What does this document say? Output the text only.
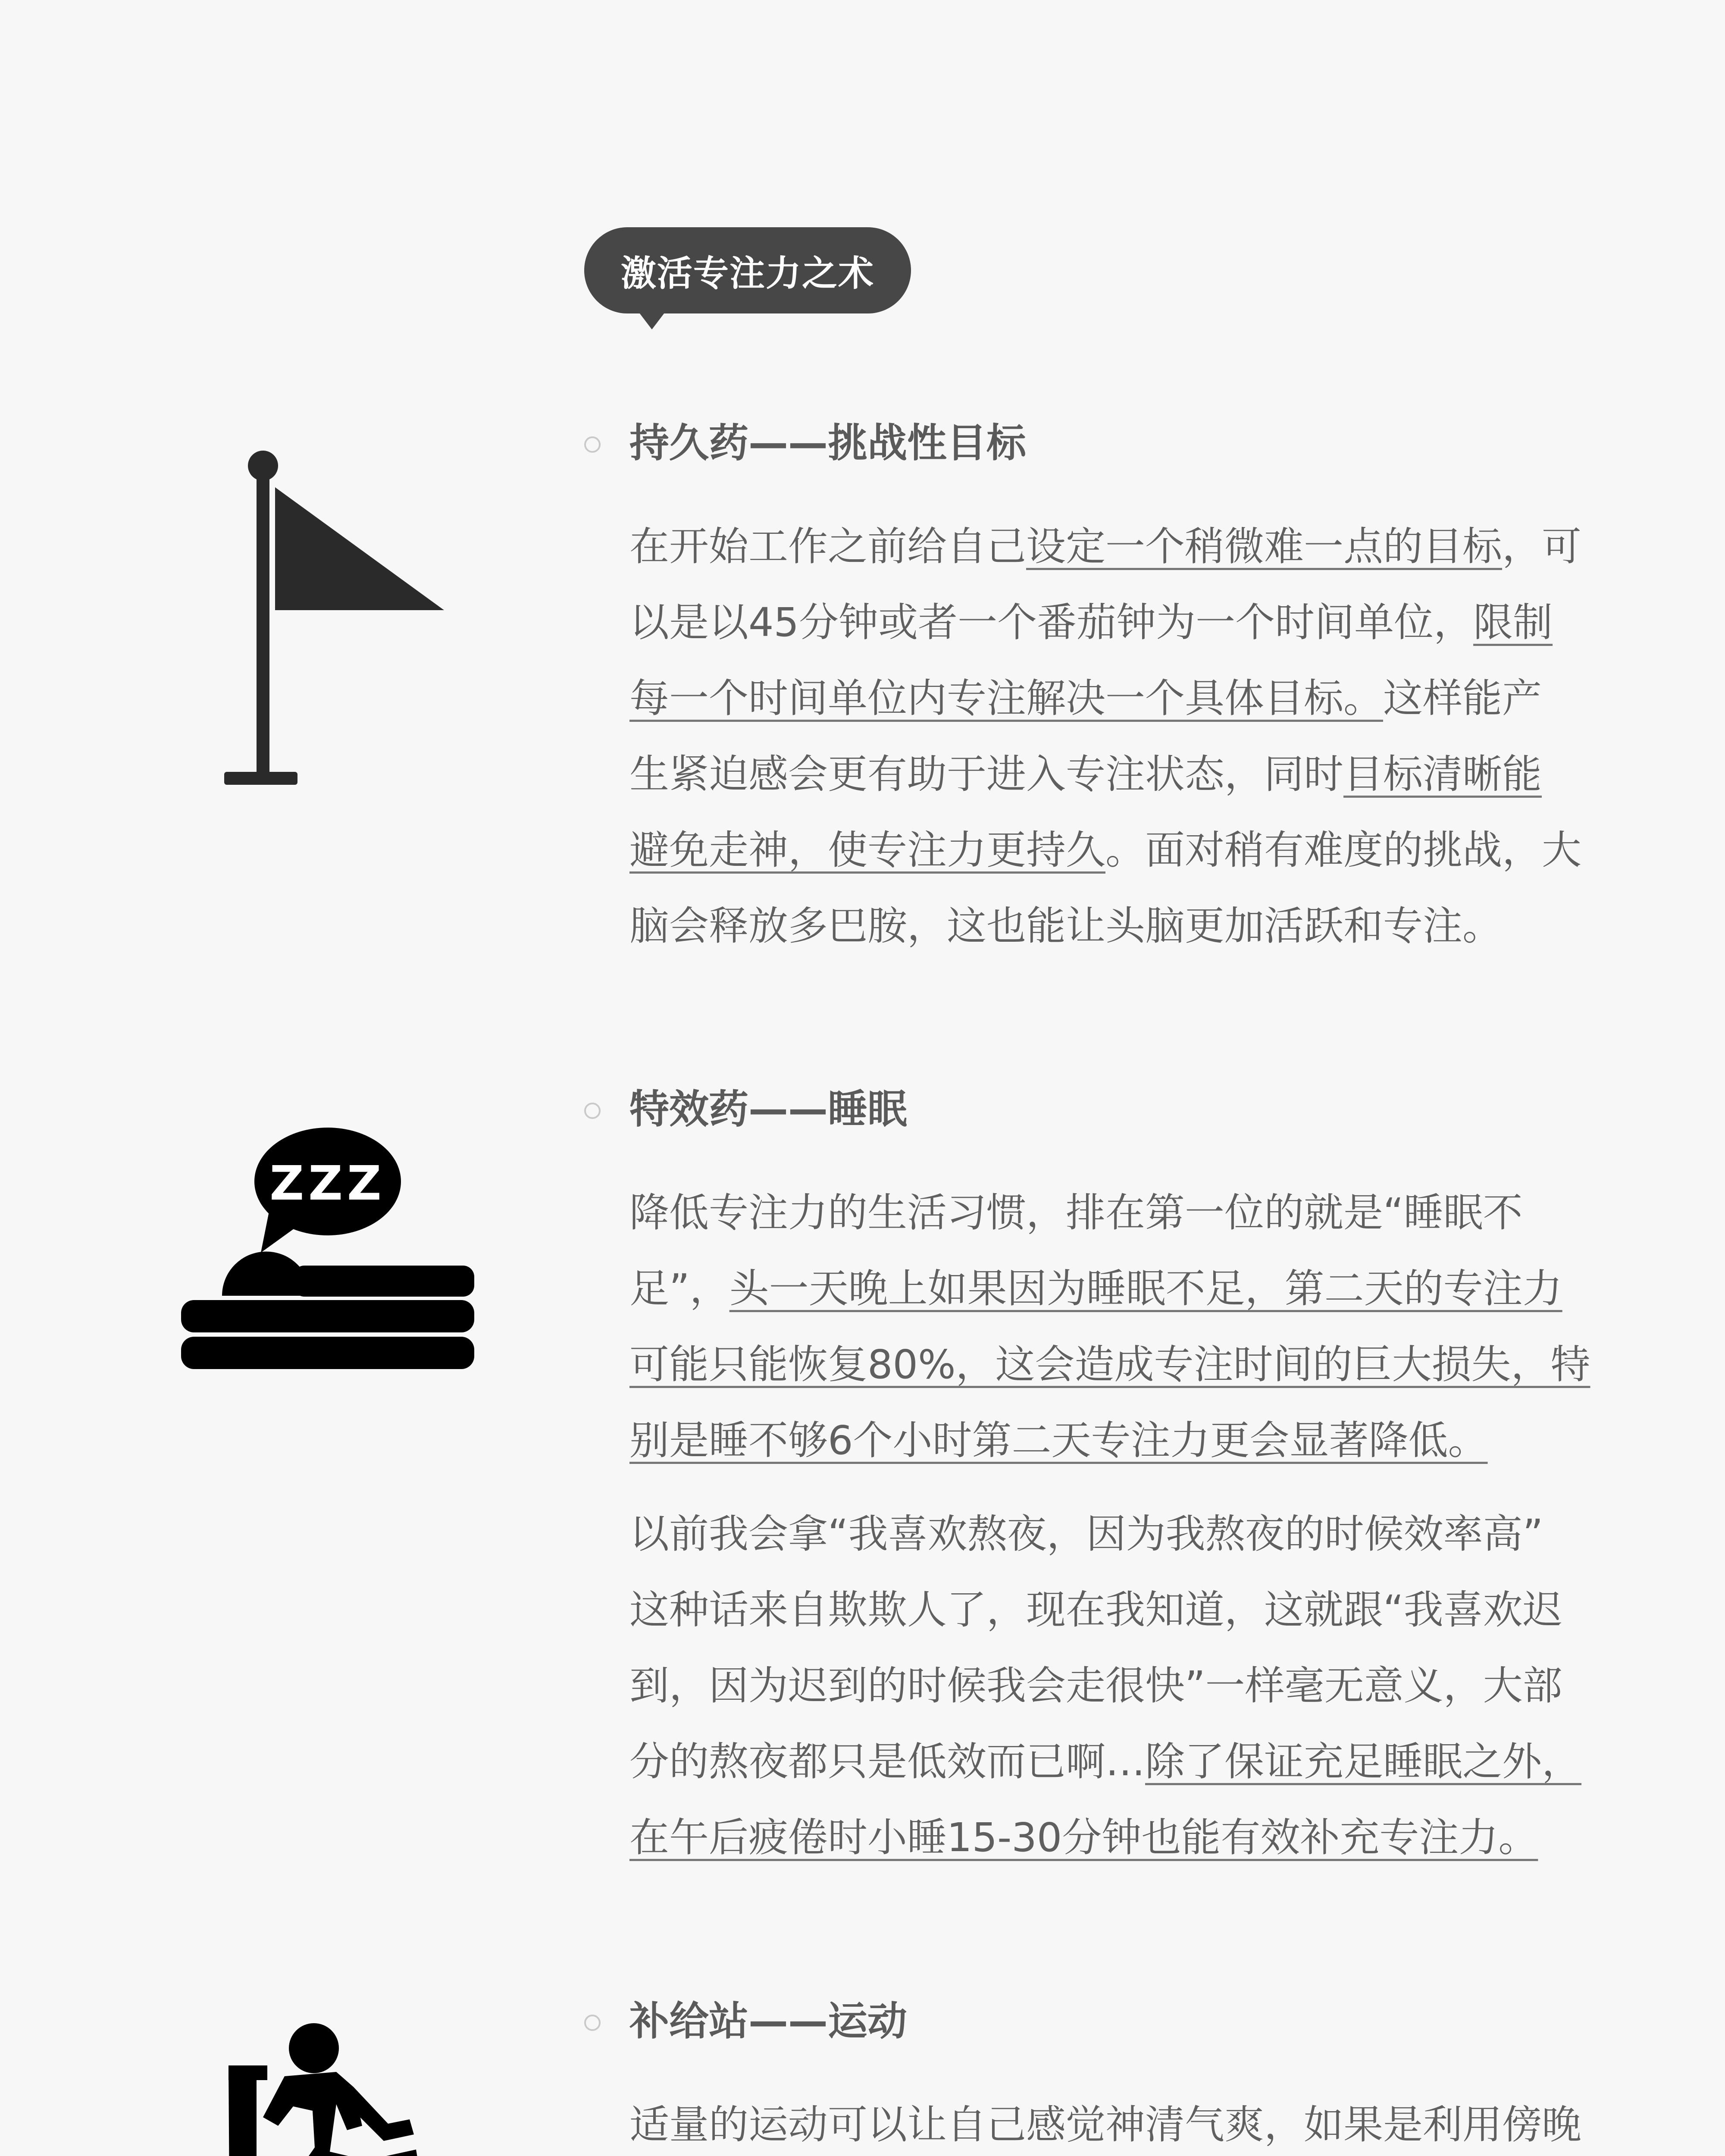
激活专注力之术
ZZZ
持久药——挑战性目标
在开始工作之前给自己设定一个稍微难一点的目标，可
以是以45分钟或者一个番茄钟为一个时间单位，限制
每一个时间单位内专注解决一个具体目标。这样能产
生紧迫感会更有助于进入专注状态，同时目标清晰能
避免走神，使专注力更持久。面对稍有难度的挑战，大
脑会释放多巴胺，这也能让头脑更加活跃和专注。
特效药——睡眠
降低专注力的生活习惯，排在第一位的就是“睡眠不
足”，头一天晚上如果因为睡眠不足，第二天的专注力
可能只能恢复80%，这会造成专注时间的巨大损失，特
别是睡不够6个小时第二天专注力更会显著降低。
以前我会拿“我喜欢熬夜，因为我熬夜的时候效率高”
这种话来自欺欺人了，现在我知道，这就跟“我喜欢迟
到，因为迟到的时候我会走很快”一样毫无意义，大部
分的熬夜都只是低效而已啊…除了保证充足睡眠之外，
在午后疲倦时小睡15-30分钟也能有效补充专注力。
补给站——运动
适量的运动可以让自己感觉神清气爽，如果是利用傍晚
